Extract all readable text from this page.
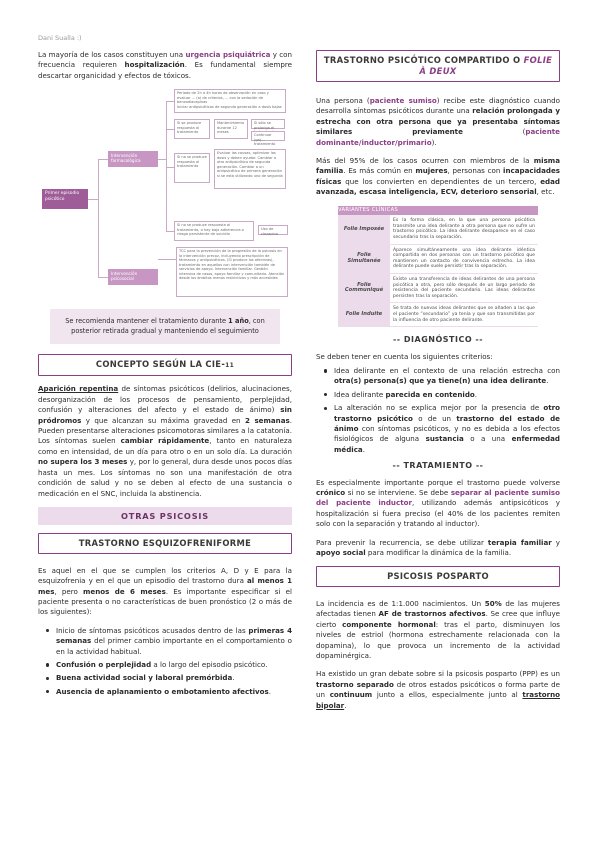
Dani Sualla :)
La mayoría de los casos constituyen una urgencia psiquiátrica y con frecuencia requieren hospitalización. Es fundamental siempre descartar organicidad y efectos de tóxicos.
Primer episodio psicótico
Intervención farmacológica
Intervención psicosocial
Periodo de 2h a 4h horas de observación en caso y evaluar ... (a) de criterios, ... con la sedación de benzodiacepinas
Iniciar antipsicóticos de segunda generación a dosis bajas
Si se produce respuesta al tratamiento
Mantenimiento durante 12 meses
Si sólo se prolonga el
Continuar (ga)... tratamiento
Si no se produce respuesta al tratamiento
Evaluar las causas, optimizar las dosis y deben ayudar. Cambiar a otro antipsicótico de segunda generación. Cambiar a un antipsicótico de primera generación si se está utilizando uno de segunda
Si no se produce respuesta al tratamiento, o hay bajo adherencia o riesgo persistente de suicidio
Uso de clozapina
TCC para la prevención de la progresión de la psicosis en la intervención precoz, incluyendo prescripción de fármacos y antipsicóticos. (Si produce los afectivos), tratamiento en aquellos con intervención también de servicios de apoyo. Intervención familiar. Gestión intensiva de casos, apoyo familiar y comunitario. Atención desde los ámbitos menos restrictivos y más accesibles
Se recomienda mantener el tratamiento durante 1 año, con posterior retirada gradual y manteniendo el seguimiento
CONCEPTO SEGÚN LA CIE-11
Aparición repentina de síntomas psicóticos (delirios, alucinaciones, desorganización de los procesos de pensamiento, perplejidad, confusión y alteraciones del afecto y el estado de ánimo) sin pródromos y que alcanzan su máxima gravedad en 2 semanas. Pueden presentarse alteraciones psicomotoras similares a la catatonía. Los síntomas suelen cambiar rápidamente, tanto en naturaleza como en intensidad, de un día para otro o en un solo día. La duración no supera los 3 meses y, por lo general, dura desde unos pocos días hasta un mes. Los síntomas no son una manifestación de otra condición de salud y no se deben al efecto de una sustancia o medicación en el SNC, incluida la abstinencia.
OTRAS PSICOSIS
TRASTORNO ESQUIZOFRENIFORME
Es aquel en el que se cumplen los criterios A, D y E para la esquizofrenia y en el que un episodio del trastorno dura al menos 1 mes, pero menos de 6 meses. Es importante especificar si el paciente presenta o no características de buen pronóstico (2 o más de los siguientes):
Inicio de síntomas psicóticos acusados dentro de las primeras 4 semanas del primer cambio importante en el comportamiento o en la actividad habitual.
Confusión o perplejidad a lo largo del episodio psicótico.
Buena actividad social y laboral premórbida.
Ausencia de aplanamiento o embotamiento afectivos.
TRASTORNO PSICÓTICO COMPARTIDO O FOLIE À DEUX
Una persona (paciente sumiso) recibe este diagnóstico cuando desarrolla síntomas psicóticos durante una relación prolongada y estrecha con otra persona que ya presentaba síntomas similares previamente (paciente dominante/inductor/primario).
Más del 95% de los casos ocurren con miembros de la misma familia. Es más común en mujeres, personas con incapacidades físicas que los convierten en dependientes de un tercero, edad avanzada, escasa inteligencia, ECV, deterioro sensorial, etc.
VARIANTES CLÍNICAS	
Folie Imposée	Es la forma clásica, en la que una persona psicótica transmite una idea delirante a otra persona que no sufre un trastorno psicótico. La idea delirante desaparece en el caso secundario tras la separación.
Folie Simultanée	Aparece simultáneamente una idea delirante idéntica compartida en dos personas con un trastorno psicótico que mantienen un contacto de convivencia estrecho. La idea delirante puede suele persistir tras la separación.
Folie Communiqué	Existe una transferencia de ideas delirantes de una persona psicótica a otra, pero sólo después de un largo periodo de resistencia del paciente secundario. Las ideas delirantes persisten tras la separación.
Folie Induite	Se trata de nuevas ideas delirantes que se añaden a las que el paciente “secundario” ya tenía y que son transmitidas por la influencia de otro paciente delirante.
-- DIAGNÓSTICO --
Se deben tener en cuenta los siguientes criterios:
Idea delirante en el contexto de una relación estrecha con otra(s) persona(s) que ya tiene(n) una idea delirante.
Idea delirante parecida en contenido.
La alteración no se explica mejor por la presencia de otro trastorno psicótico o de un trastorno del estado de ánimo con síntomas psicóticos, y no es debida a los efectos fisiológicos de alguna sustancia o a una enfermedad médica.
-- TRATAMIENTO --
Es especialmente importante porque el trastorno puede volverse crónico si no se interviene. Se debe separar al paciente sumiso del paciente inductor, utilizando además antipsicóticos y hospitalización si fuera preciso (el 40% de los pacientes remiten solo con la separación y tratando al inductor).
Para prevenir la recurrencia, se debe utilizar terapia familiar y apoyo social para modificar la dinámica de la familia.
PSICOSIS POSPARTO
La incidencia es de 1:1.000 nacimientos. Un 50% de las mujeres afectadas tienen AF de trastornos afectivos. Se cree que influye cierto componente hormonal: tras el parto, disminuyen los niveles de estriol (hormona estrechamente relacionada con la dopamina), lo que provoca un incremento de la actividad dopaminérgica.
Ha existido un gran debate sobre si la psicosis posparto (PPP) es un trastorno separado de otros estados psicóticos o forma parte de un continuum junto a ellos, especialmente junto al trastorno bipolar.
